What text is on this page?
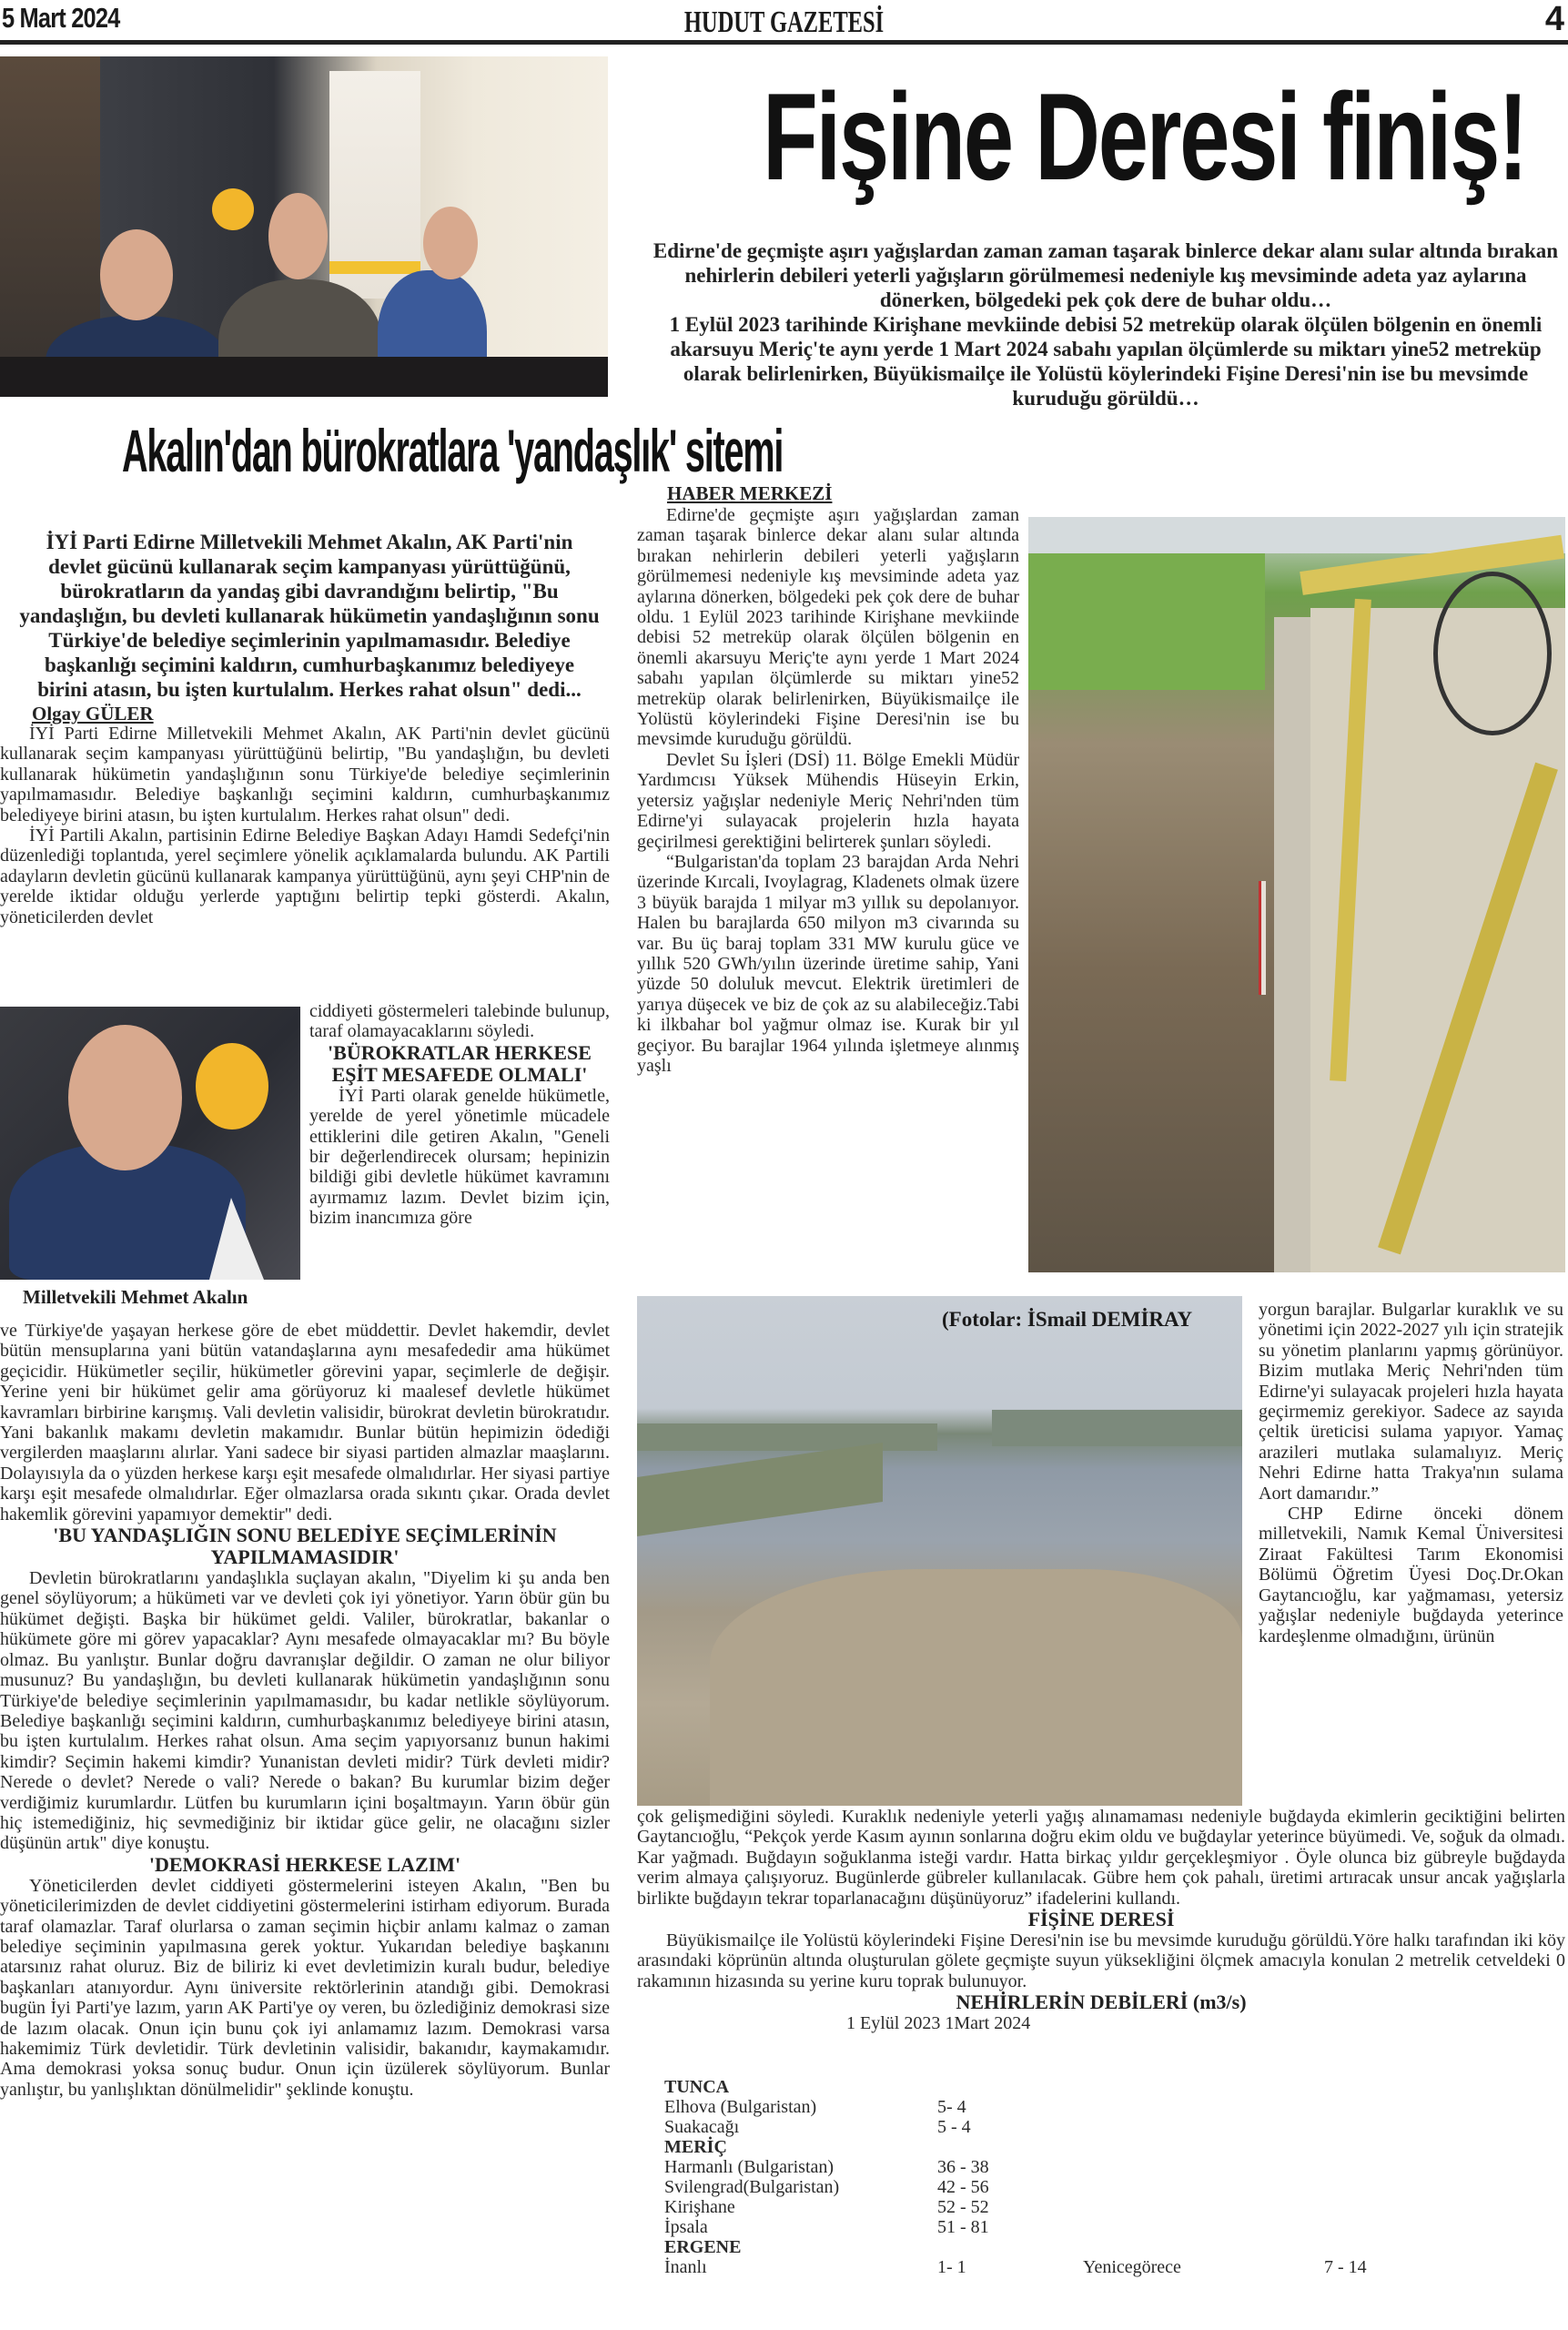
5 Mart 2024	HUDUT GAZETESİ	4
Akalın'dan bürokratlara 'yandaşlık' sitemi
İYİ Parti Edirne Milletvekili Mehmet Akalın, AK Parti'nin devlet gücünü kullanarak seçim kampanyası yürüttüğünü, bürokratların da yandaş gibi davrandığını belirtip, "Bu yandaşlığın, bu devleti kullanarak hükümetin yandaşlığının sonu Türkiye'de belediye seçimlerinin yapılmamasıdır. Belediye başkanlığı seçimini kaldırın, cumhurbaşkanımız belediyeye birini atasın, bu işten kurtulalım. Herkes rahat olsun" dedi...
Olgay GÜLER

İYİ Parti Edirne Milletvekili Mehmet Akalın, AK Parti'nin devlet gücünü kullanarak seçim kampanyası yürüttüğünü belirtip, "Bu yandaşlığın, bu devleti kullanarak hükümetin yandaşlığının sonu Türkiye'de belediye seçimlerinin yapılmamasıdır. Belediye başkanlığı seçimini kaldırın, cumhurbaşkanımız belediyeye birini atasın, bu işten kurtulalım. Herkes rahat olsun" dedi.

İYİ Partili Akalın, partisinin Edirne Belediye Başkan Adayı Hamdi Sedefçi'nin düzenlediği toplantıda, yerel seçimlere yönelik açıklamalarda bulundu. AK Partili adayların devletin gücünü kullanarak kampanya yürüttüğünü, aynı şeyi CHP'nin de yerelde iktidar olduğu yerlerde yaptığını belirtip tepki gösterdi. Akalın, yöneticilerden devlet

Milletvekili Mehmet Akalın

ciddiyeti göstermeleri talebinde bulunup, taraf olamayacaklarını söyledi.

'BÜROKRATLAR HERKESE EŞİT MESAFEDE OLMALI'

İYİ Parti olarak genelde hükümetle, yerelde de yerel yönetimle mücadele ettiklerini dile getiren Akalın, "Geneli bir değerlendirecek olursam; hepinizin bildiği gibi devletle hükümet kavramını ayırmamız lazım. Devlet bizim için, bizim inancımıza göre

ve Türkiye'de yaşayan herkese göre de ebet müddettir. Devlet hakemdir, devlet bütün mensuplarına yani bütün vatandaşlarına aynı mesafededir ama hükümet geçicidir. Hükümetler seçilir, hükümetler görevini yapar, seçimlerle de değişir. Yerine yeni bir hükümet gelir ama görüyoruz ki maalesef devletle hükümet kavramları birbirine karışmış. Vali devletin valisidir, bürokrat devletin bürokratıdır. Yani bakanlık makamı devletin makamıdır. Bunlar bütün hepimizin ödediği vergilerden maaşlarını alırlar. Yani sadece bir siyasi partiden almazlar maaşlarını. Dolayısıyla da o yüzden herkese karşı eşit mesafede olmalıdırlar. Her siyasi partiye karşı eşit mesafede olmalıdırlar. Eğer olmazlarsa orada sıkıntı çıkar. Orada devlet hakemlik görevini yapamıyor demektir" dedi.

'BU YANDAŞLIĞIN SONU BELEDİYE SEÇİMLERİNİN YAPILMAMASIDIR'

Devletin bürokratlarını yandaşlıkla suçlayan akalın, "Diyelim ki şu anda ben genel söylüyorum; a hükümeti var ve devleti çok iyi yönetiyor. Yarın öbür gün bu hükümet değişti. Başka bir hükümet geldi. Valiler, bürokratlar, bakanlar o hükümete göre mi görev yapacaklar? Aynı mesafede olmayacaklar mı? Bu böyle olmaz. Bu yanlıştır. Bunlar doğru davranışlar değildir. O zaman ne olur biliyor musunuz? Bu yandaşlığın, bu devleti kullanarak hükümetin yandaşlığının sonu Türkiye'de belediye seçimlerinin yapılmamasıdır, bu kadar netlikle söylüyorum. Belediye başkanlığı seçimini kaldırın, cumhurbaşkanımız belediyeye birini atasın, bu işten kurtulalım. Herkes rahat olsun. Ama seçim yapıyorsanız bunun hakimi kimdir? Seçimin hakemi kimdir? Yunanistan devleti midir? Türk devleti midir? Nerede o devlet? Nerede o vali? Nerede o bakan? Bu kurumlar bizim değer verdiğimiz kurumlardır. Lütfen bu kurumların içini boşaltmayın. Yarın öbür gün hiç istemediğiniz, hiç sevmediğiniz bir iktidar güce gelir, ne olacağını sizler düşünün artık" diye konuştu.

'DEMOKRASİ HERKESE LAZIM'

Yöneticilerden devlet ciddiyeti göstermelerini isteyen Akalın, "Ben bu yöneticilerimizden de devlet ciddiyetini göstermelerini istirham ediyorum. Burada taraf olamazlar. Taraf olurlarsa o zaman seçimin hiçbir anlamı kalmaz o zaman belediye seçiminin yapılmasına gerek yoktur. Yukarıdan belediye başkanını atarsınız rahat oluruz. Biz de biliriz ki evet devletimizin kuralı budur, belediye başkanları atanıyordur. Aynı üniversite rektörlerinin atandığı gibi. Demokrasi bugün İyi Parti'ye lazım, yarın AK Parti'ye oy veren, bu özlediğiniz demokrasi size de lazım olacak. Onun için bunu çok iyi anlamamız lazım. Demokrasi varsa hakemimiz Türk devletidir. Türk devletinin valisidir, bakanıdır, kaymakamıdır. Ama demokrasi yoksa sonuç budur. Onun için üzülerek söylüyorum. Bunlar yanlıştır, bu yanlışlıktan dönülmelidir" şeklinde konuştu.

Fişine Deresi finiş!
Edirne'de geçmişte aşırı yağışlardan zaman zaman taşarak binlerce dekar alanı sular altında bırakan nehirlerin debileri yeterli yağışların görülmemesi nedeniyle kış mevsiminde adeta yaz aylarına dönerken, bölgedeki pek çok dere de buhar oldu…
1 Eylül 2023 tarihinde Kirişhane mevkiinde debisi 52 metreküp olarak ölçülen bölgenin en önemli akarsuyu Meriç'te aynı yerde 1 Mart 2024 sabahı yapılan ölçümlerde su miktarı yine52 metreküp olarak belirlenirken, Büyükismailçe ile Yolüstü köylerindeki Fişine Deresi'nin ise bu mevsimde kuruduğu görüldü…
HABER MERKEZİ

Edirne'de geçmişte aşırı yağışlardan zaman zaman taşarak binlerce dekar alanı sular altında bırakan nehirlerin debileri yeterli yağışların görülmemesi nedeniyle kış mevsiminde adeta yaz aylarına dönerken, bölgedeki pek çok dere de buhar oldu. 1 Eylül 2023 tarihinde Kirişhane mevkiinde debisi 52 metreküp olarak ölçülen bölgenin en önemli akarsuyu Meriç'te aynı yerde 1 Mart 2024 sabahı yapılan ölçümlerde su miktarı yine52 metreküp olarak belirlenirken, Büyükismailçe ile Yolüstü köylerindeki Fişine Deresi'nin ise bu mevsimde kuruduğu görüldü.

Devlet Su İşleri (DSİ) 11. Bölge Emekli Müdür Yardımcısı Yüksek Mühendis Hüseyin Erkin, yetersiz yağışlar nedeniyle Meriç Nehri'nden tüm Edirne'yi sulayacak projelerin hızla hayata geçirilmesi gerektiğini belirterek şunları söyledi.

“Bulgaristan'da toplam 23 barajdan Arda Nehri üzerinde Kırcali, Ivoylagrag, Kladenets olmak üzere 3 büyük barajda 1 milyar m3 yıllık su depolanıyor. Halen bu barajlarda 650 milyon m3 civarında su var. Bu üç baraj toplam 331 MW kurulu güce ve yıllık 520 GWh/yılın üzerinde üretime sahip, Yani yüzde 50 doluluk mevcut. Elektrik üretimleri de yarıya düşecek ve biz de çok az su alabileceğiz.Tabi ki ilkbahar bol yağmur olmaz ise. Kurak bir yıl geçiyor. Bu barajlar 1964 yılında işletmeye alınmış yaşlı

(Fotolar: İSmail DEMİRAY	yorgun barajlar. Bulgarlar kuraklık ve su yönetimi için 2022-2027 yılı için stratejik su yönetim planlarını yapmış görünüyor. Bizim mutlaka Meriç Nehri'nden tüm Edirne'yi sulayacak projeleri hızla hayata geçirmemiz gerekiyor. Sadece az sayıda çeltik üreticisi sulama yapıyor. Yamaç arazileri mutlaka sulamalıyız. Meriç Nehri Edirne hatta Trakya'nın sulama Aort damarıdır.”

CHP Edirne önceki dönem milletvekili, Namık Kemal Üniversitesi Ziraat Fakültesi Tarım Ekonomisi Bölümü Öğretim Üyesi Doç.Dr.Okan Gaytancıoğlu, kar yağmaması, yetersiz yağışlar nedeniyle buğdayda yeterince kardeşlenme olmadığını, ürünün

çok gelişmediğini söyledi. Kuraklık nedeniyle yeterli yağış alınamaması nedeniyle buğdayda ekimlerin geciktiğini belirten Gaytancıoğlu, “Pekçok yerde Kasım ayının sonlarına doğru ekim oldu ve buğdaylar yeterince büyümedi. Ve, soğuk da olmadı. Kar yağmadı. Buğdayın soğuklanma isteği vardır. Hatta birkaç yıldır gerçekleşmiyor . Öyle olunca biz gübreyle buğdayda verim almaya çalışıyoruz. Bugünlerde gübreler kullanılacak. Gübre hem çok pahalı, üretimi artıracak unsur ancak yağışlarla birlikte buğdayın tekrar toparlanacağını düşünüyoruz” ifadelerini kullandı.

FİŞİNE DERESİ

Büyükismailçe ile Yolüstü köylerindeki Fişine Deresi'nin ise bu mevsimde kuruduğu görüldü.Yöre halkı tarafından iki köy arasındaki köprünün altında oluşturulan gölete geçmişte suyun yüksekliğini ölçmek amacıyla konulan 2 metrelik cetveldeki 0 rakamının hizasında su yerine kuru toprak bulunuyor.

NEHİRLERİN DEBİLERİ (m3/s)

1 Eylül 2023 1Mart 2024

TUNCA
Elhova (Bulgaristan)	5- 4
Suakacağı	5 - 4
MERİÇ
Harmanlı (Bulgaristan)	36 - 38
Svilengrad(Bulgaristan)	42 - 56
Kirişhane	52 - 52
İpsala	51 - 81
ERGENE
İnanlı	1- 1	Yenicegörece	7 - 14
